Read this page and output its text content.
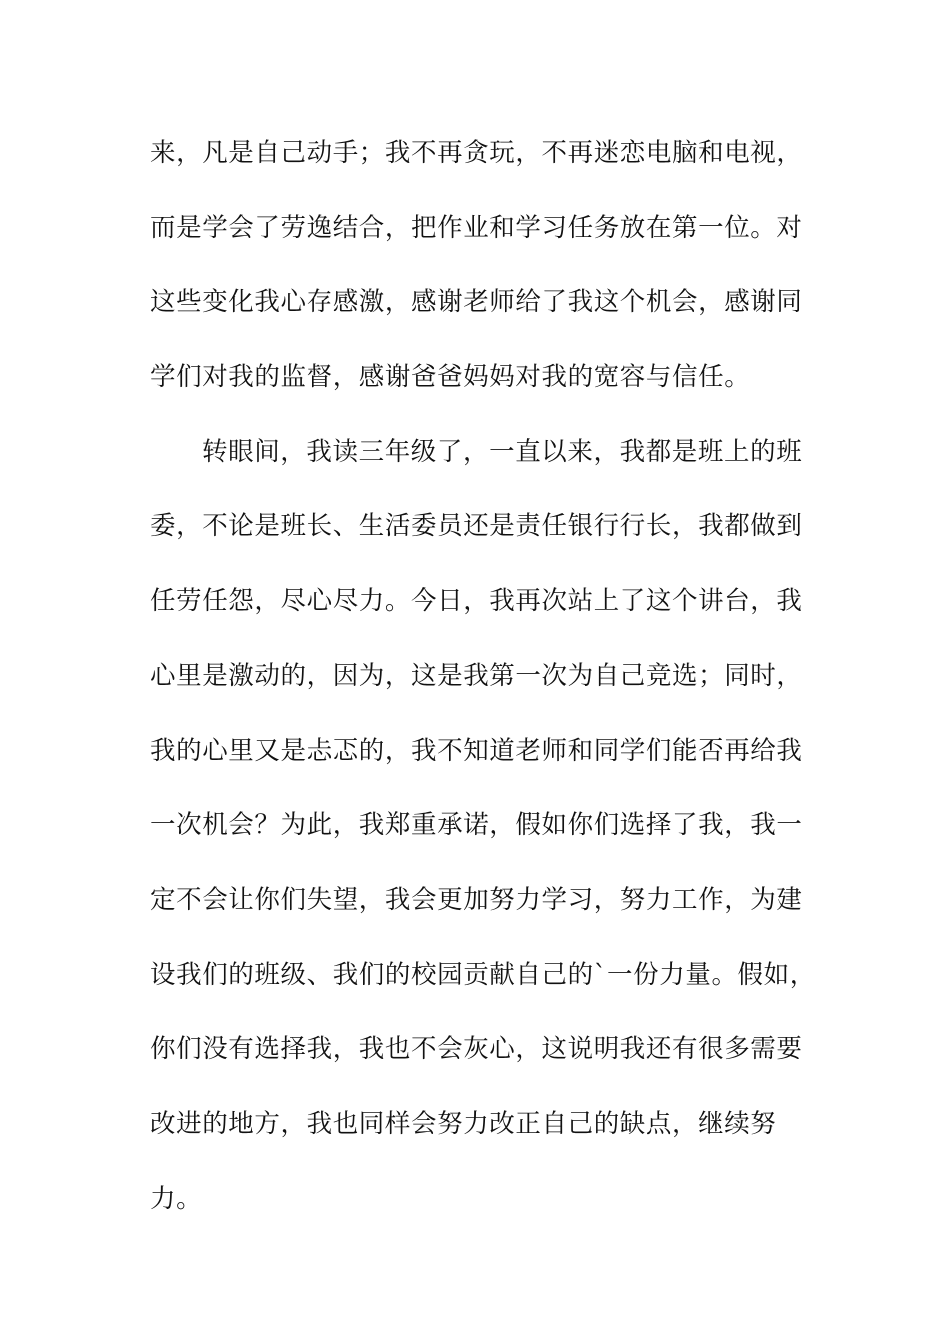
来，凡是自己动手；我不再贪玩，不再迷恋电脑和电视，
而是学会了劳逸结合，把作业和学习任务放在第一位。对
这些变化我心存感激，感谢老师给了我这个机会，感谢同
学们对我的监督，感谢爸爸妈妈对我的宽容与信任。
转眼间，我读三年级了，一直以来，我都是班上的班
委，不论是班长、生活委员还是责任银行行长，我都做到
任劳任怨，尽心尽力。今日，我再次站上了这个讲台，我
心里是激动的，因为，这是我第一次为自己竞选；同时，
我的心里又是忐忑的，我不知道老师和同学们能否再给我
一次机会？为此，我郑重承诺，假如你们选择了我，我一
定不会让你们失望，我会更加努力学习，努力工作，为建
设我们的班级、我们的校园贡献自己的`一份力量。假如，
你们没有选择我，我也不会灰心，这说明我还有很多需要
改进的地方，我也同样会努力改正自己的缺点，继续努
力。
